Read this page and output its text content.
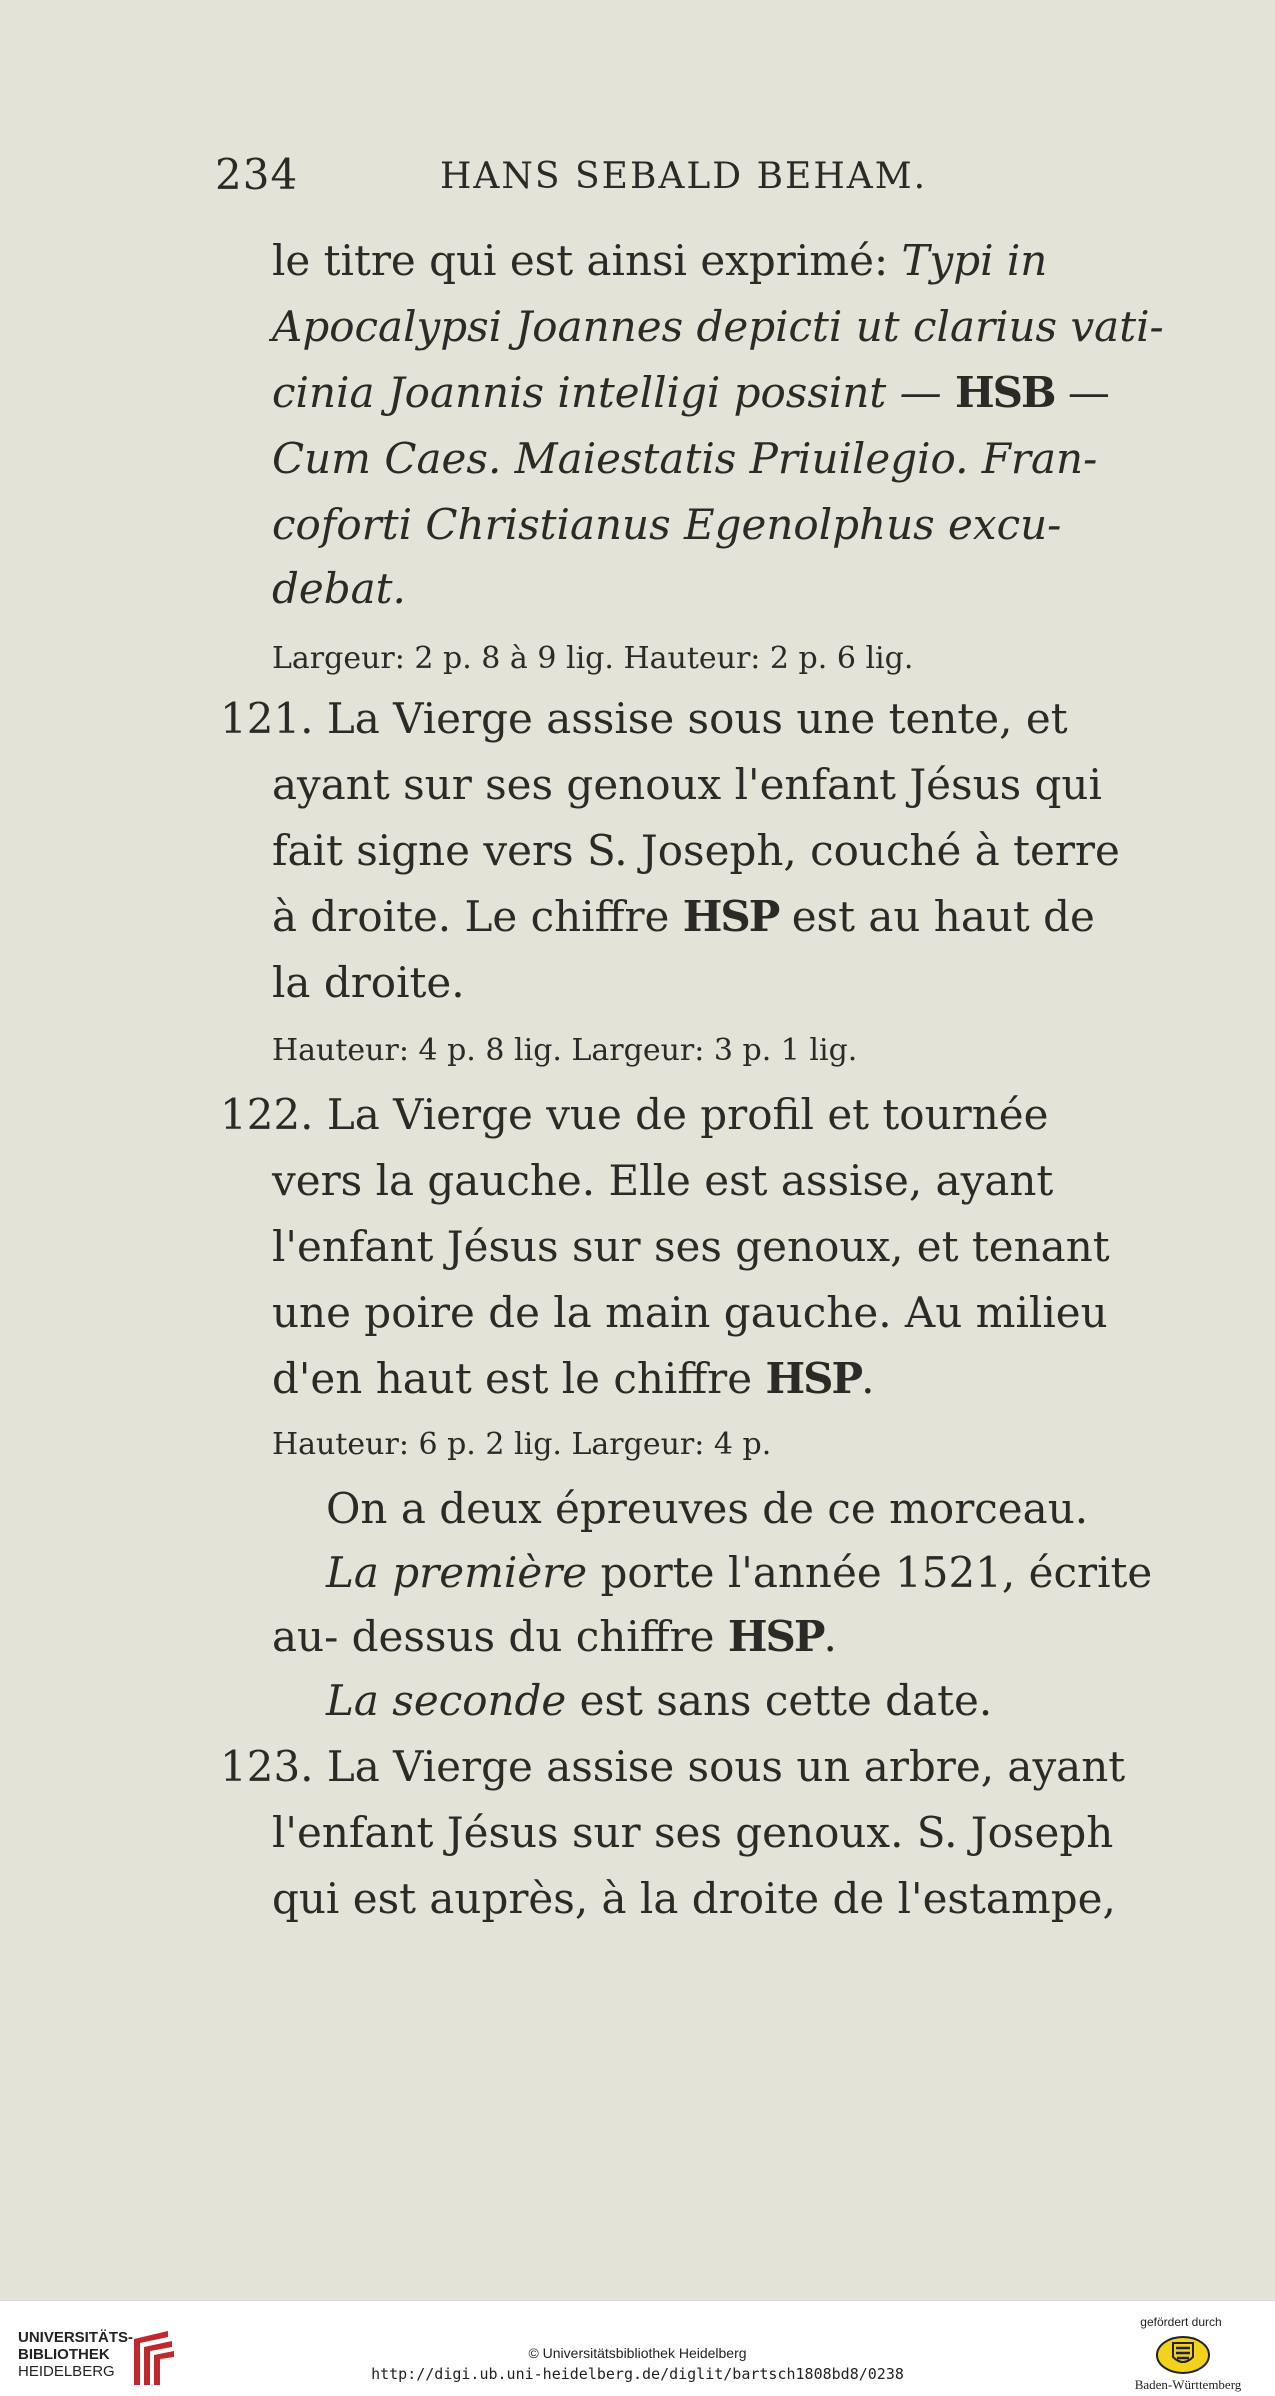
234	HANS SEBALD BEHAM.
le titre qui est ainsi exprimé: Typi in
Apocalypsi Joannes depicti ut clarius vati-
cinia Joannis intelligi possint — HSB —
Cum Caes. Maiestatis Priuilegio. Fran-
coforti Christianus Egenolphus excu-
debat.
Largeur: 2 p. 8 à 9 lig. Hauteur: 2 p. 6 lig.
121. La Vierge assise sous une tente, et
ayant sur ses genoux l'enfant Jésus qui
fait signe vers S. Joseph, couché à terre
à droite. Le chiffre HSP est au haut de
la droite.
Hauteur: 4 p. 8 lig. Largeur: 3 p. 1 lig.
122. La Vierge vue de profil et tournée
vers la gauche. Elle est assise, ayant
l'enfant Jésus sur ses genoux, et tenant
une poire de la main gauche. Au milieu
d'en haut est le chiffre HSP.
Hauteur: 6 p. 2 lig. Largeur: 4 p.
On a deux épreuves de ce morceau.
La première porte l'année 1521, écrite
au- dessus du chiffre HSP.
La seconde est sans cette date.
123. La Vierge assise sous un arbre, ayant
l'enfant Jésus sur ses genoux. S. Joseph
qui est auprès, à la droite de l'estampe,
UNIVERSITÄTS-
BIBLIOTHEK
HEIDELBERG
© Universitätsbibliothek Heidelberg
http://digi.ub.uni-heidelberg.de/diglit/bartsch1808bd8/0238
gefördert durch
Baden-Württemberg
